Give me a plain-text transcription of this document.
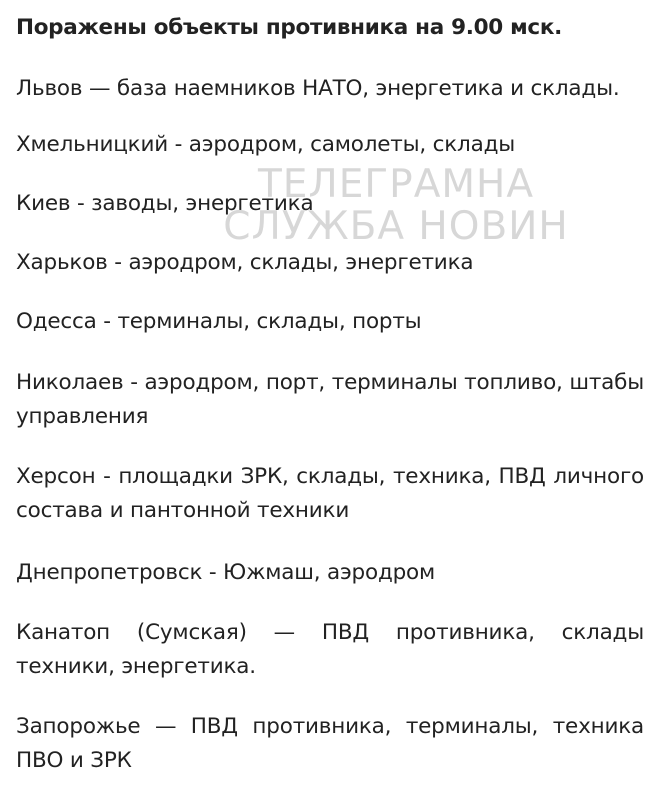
Поражены объекты противника на 9.00 мск.
Львов — база наемников НАТО, энергетика и склады.
Хмельницкий - аэродром, самолеты, склады
Киев - заводы, энергетика
Харьков - аэродром, склады, энергетика
Одесса - терминалы, склады, порты
Николаев - аэродром, порт, терминалы топливо, штабы управления
Херсон - площадки ЗРК, склады, техника, ПВД личного состава и пантонной техники
Днепропетровск - Южмаш, аэродром
Канатоп (Сумская) — ПВД противника, склады техники, энергетика.
Запорожье — ПВД противника, терминалы, техника ПВО и ЗРК
ТЕЛЕГРАМНА
СЛУЖБА НОВИН
